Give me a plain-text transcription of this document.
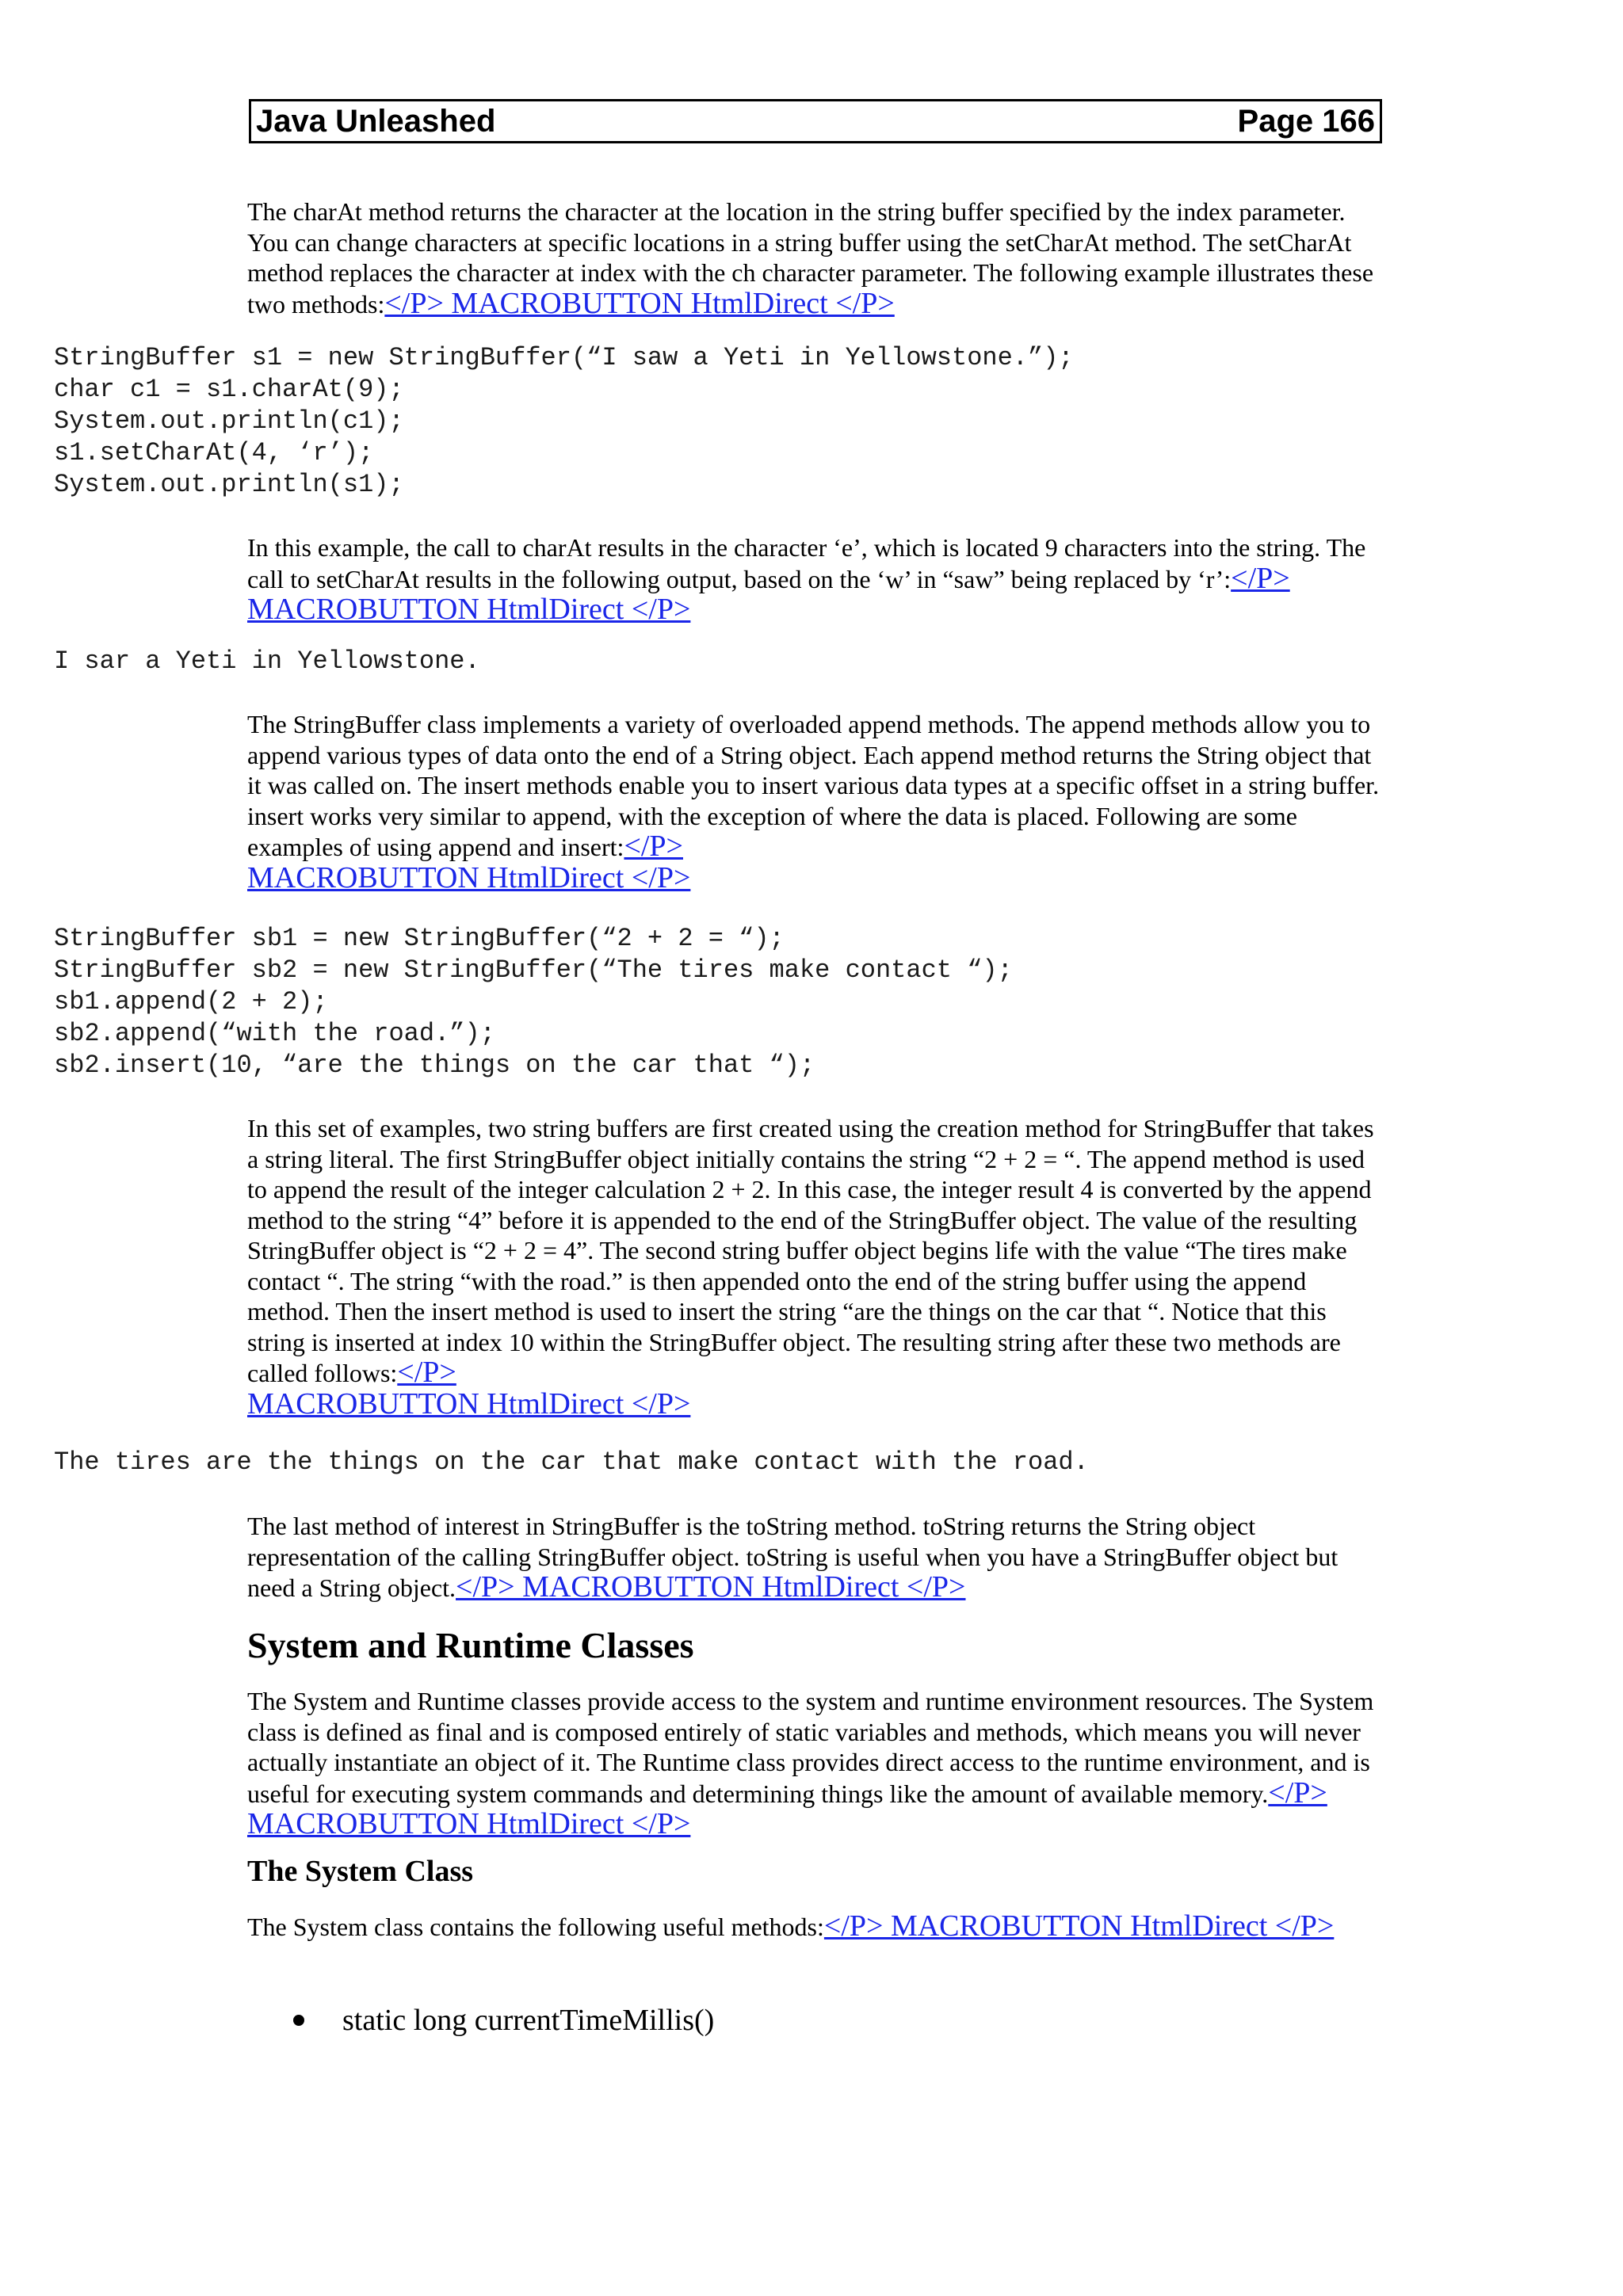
Java Unleashed	Page 166

The charAt method returns the character at the location in the string buffer specified by the index parameter. You can change characters at specific locations in a string buffer using the setCharAt method. The setCharAt method replaces the character at index with the ch character parameter. The following example illustrates these two methods:</P> MACROBUTTON HtmlDirect </P>

StringBuffer s1 = new StringBuffer(“I saw a Yeti in Yellowstone.”);
char c1 = s1.charAt(9);
System.out.println(c1);
s1.setCharAt(4, ‘r’);
System.out.println(s1);

In this example, the call to charAt results in the character ‘e’, which is located 9 characters into the string. The call to setCharAt results in the following output, based on the ‘w’ in “saw” being replaced by ‘r’:</P> MACROBUTTON HtmlDirect </P>

I sar a Yeti in Yellowstone.

The StringBuffer class implements a variety of overloaded append methods. The append methods allow you to append various types of data onto the end of a String object. Each append method returns the String object that it was called on. The insert methods enable you to insert various data types at a specific offset in a string buffer. insert works very similar to append, with the exception of where the data is placed. Following are some examples of using append and insert:</P>
MACROBUTTON HtmlDirect </P>

StringBuffer sb1 = new StringBuffer(“2 + 2 = “);
StringBuffer sb2 = new StringBuffer(“The tires make contact “);
sb1.append(2 + 2);
sb2.append(“with the road.”);
sb2.insert(10, “are the things on the car that “);

In this set of examples, two string buffers are first created using the creation method for StringBuffer that takes a string literal. The first StringBuffer object initially contains the string “2 + 2 = “. The append method is used to append the result of the integer calculation 2 + 2. In this case, the integer result 4 is converted by the append method to the string “4” before it is appended to the end of the StringBuffer object. The value of the resulting StringBuffer object is “2 + 2 = 4”. The second string buffer object begins life with the value “The tires make contact “. The string “with the road.” is then appended onto the end of the string buffer using the append method. Then the insert method is used to insert the string “are the things on the car that “. Notice that this string is inserted at index 10 within the StringBuffer object. The resulting string after these two methods are called follows:</P>
MACROBUTTON HtmlDirect </P>

The tires are the things on the car that make contact with the road.

The last method of interest in StringBuffer is the toString method. toString returns the String object representation of the calling StringBuffer object. toString is useful when you have a StringBuffer object but need a String object.</P> MACROBUTTON HtmlDirect </P>

System and Runtime Classes

The System and Runtime classes provide access to the system and runtime environment resources. The System class is defined as final and is composed entirely of static variables and methods, which means you will never actually instantiate an object of it. The Runtime class provides direct access to the runtime environment, and is useful for executing system commands and determining things like the amount of available memory.</P> MACROBUTTON HtmlDirect </P>

The System Class

The System class contains the following useful methods:</P> MACROBUTTON HtmlDirect </P>

static long currentTimeMillis()
